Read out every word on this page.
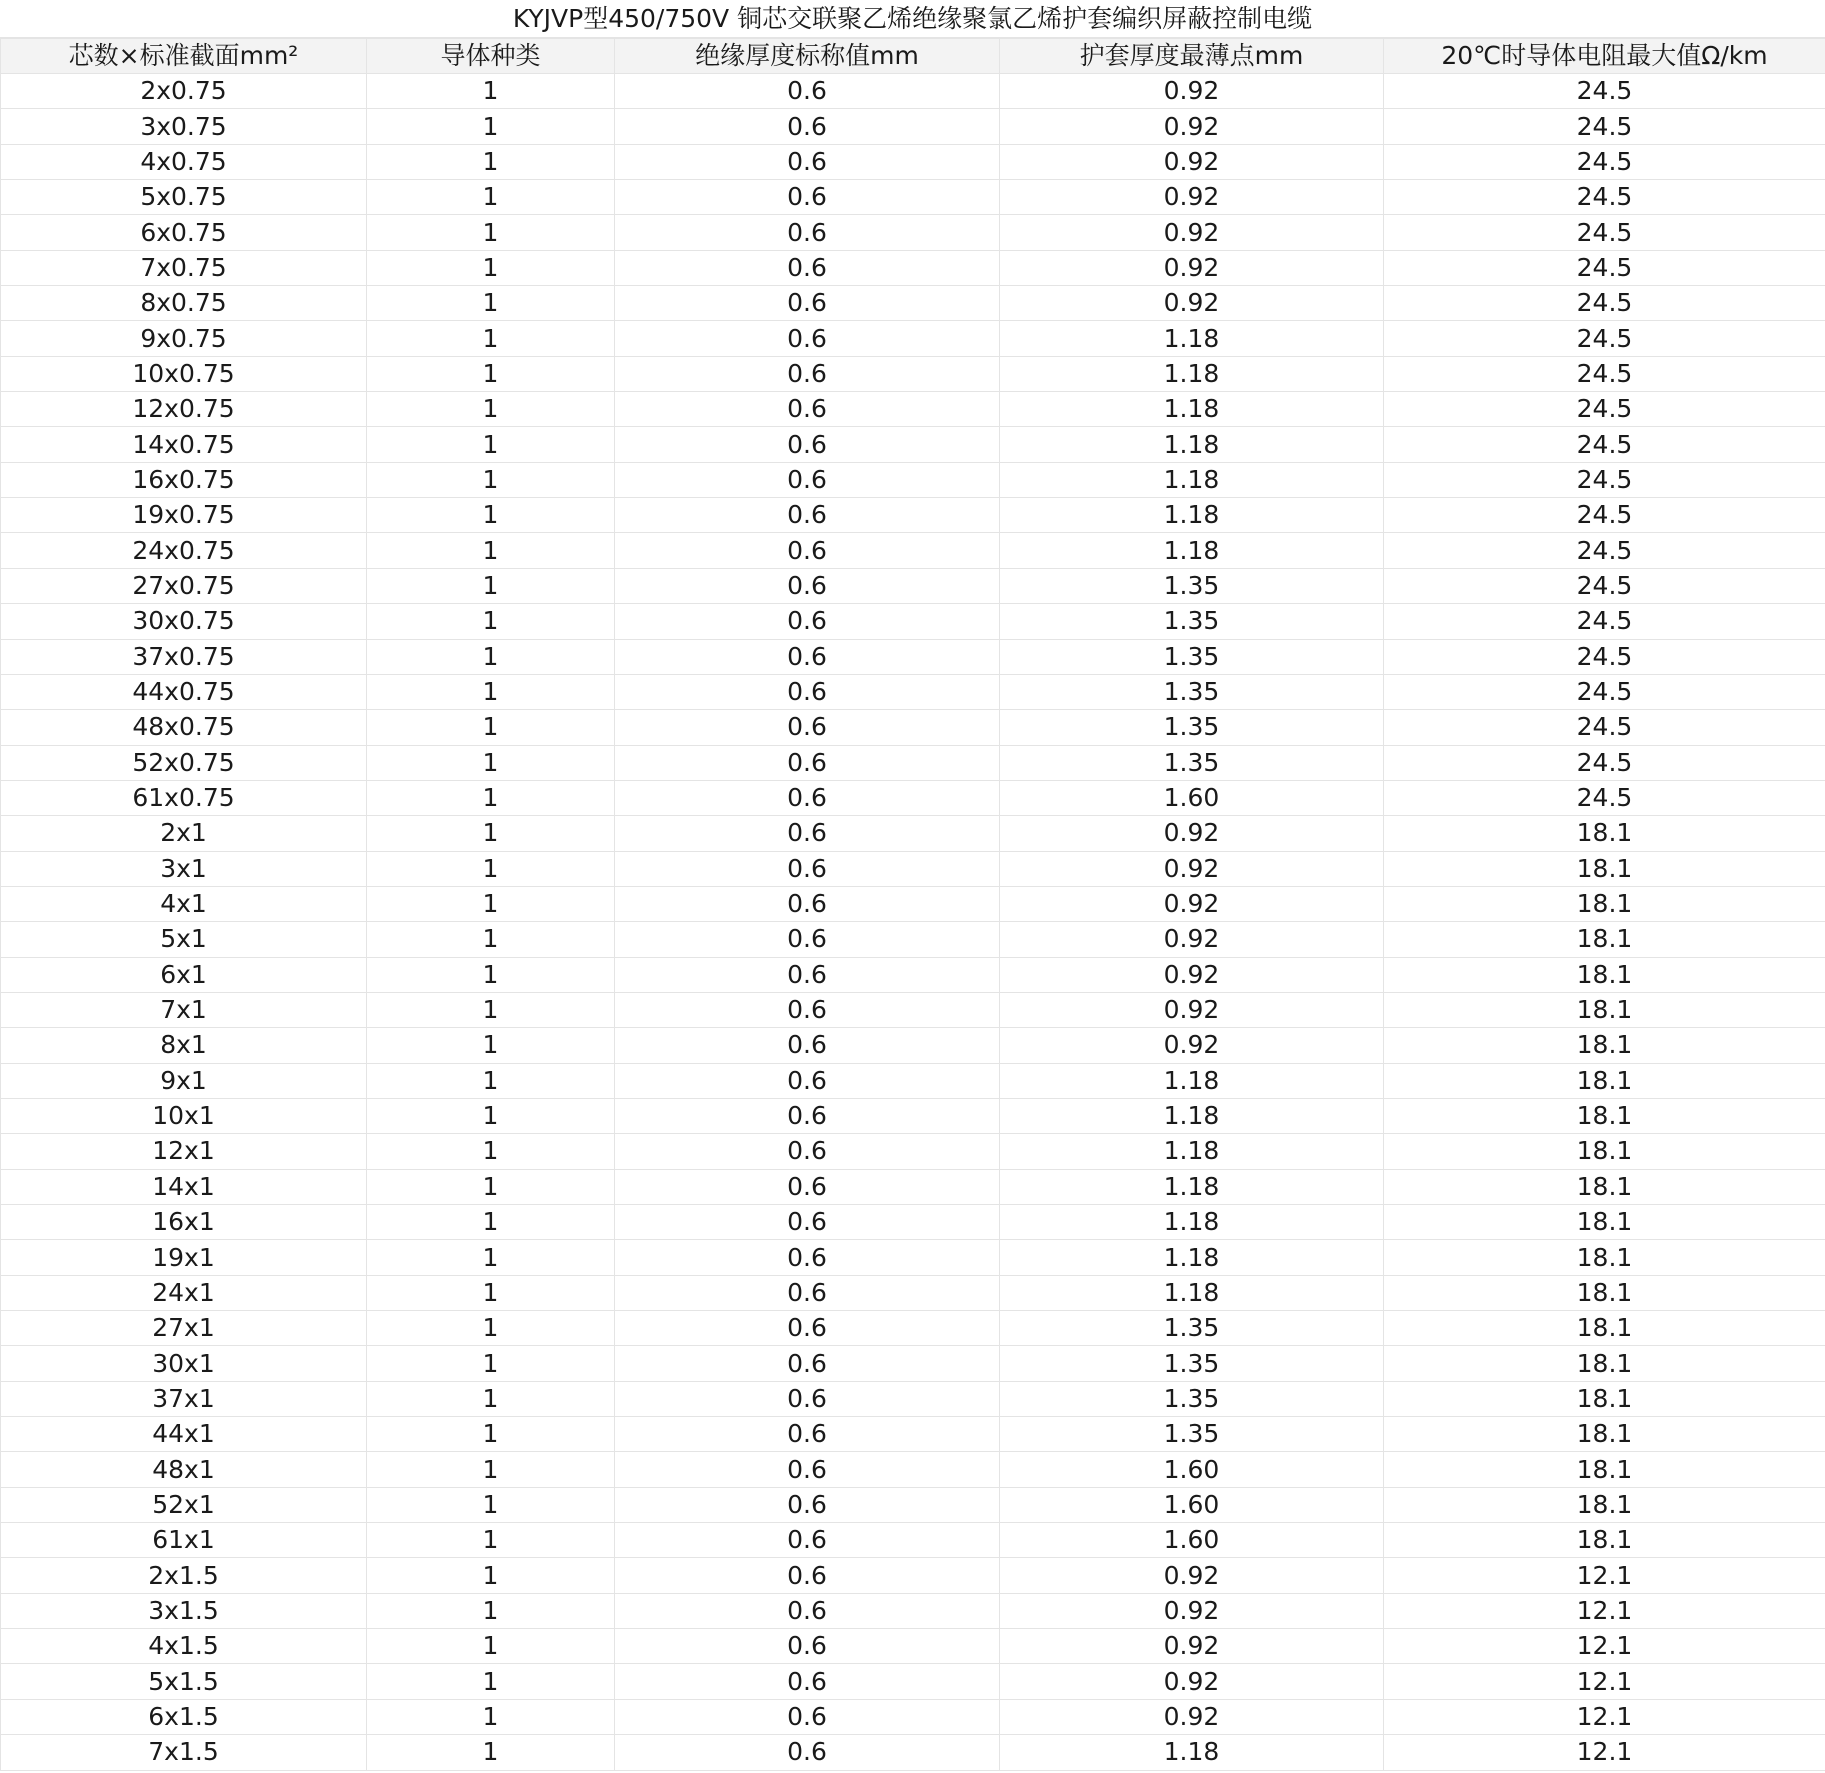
KYJVP型450/750V 铜芯交联聚乙烯绝缘聚氯乙烯护套编织屏蔽控制电缆
芯数×标准截面mm²	导体种类	绝缘厚度标称值mm	护套厚度最薄点mm	20℃时导体电阻最大值Ω/km
2x0.75	1	0.6	0.92	24.5
3x0.75	1	0.6	0.92	24.5
4x0.75	1	0.6	0.92	24.5
5x0.75	1	0.6	0.92	24.5
6x0.75	1	0.6	0.92	24.5
7x0.75	1	0.6	0.92	24.5
8x0.75	1	0.6	0.92	24.5
9x0.75	1	0.6	1.18	24.5
10x0.75	1	0.6	1.18	24.5
12x0.75	1	0.6	1.18	24.5
14x0.75	1	0.6	1.18	24.5
16x0.75	1	0.6	1.18	24.5
19x0.75	1	0.6	1.18	24.5
24x0.75	1	0.6	1.18	24.5
27x0.75	1	0.6	1.35	24.5
30x0.75	1	0.6	1.35	24.5
37x0.75	1	0.6	1.35	24.5
44x0.75	1	0.6	1.35	24.5
48x0.75	1	0.6	1.35	24.5
52x0.75	1	0.6	1.35	24.5
61x0.75	1	0.6	1.60	24.5
2x1	1	0.6	0.92	18.1
3x1	1	0.6	0.92	18.1
4x1	1	0.6	0.92	18.1
5x1	1	0.6	0.92	18.1
6x1	1	0.6	0.92	18.1
7x1	1	0.6	0.92	18.1
8x1	1	0.6	0.92	18.1
9x1	1	0.6	1.18	18.1
10x1	1	0.6	1.18	18.1
12x1	1	0.6	1.18	18.1
14x1	1	0.6	1.18	18.1
16x1	1	0.6	1.18	18.1
19x1	1	0.6	1.18	18.1
24x1	1	0.6	1.18	18.1
27x1	1	0.6	1.35	18.1
30x1	1	0.6	1.35	18.1
37x1	1	0.6	1.35	18.1
44x1	1	0.6	1.35	18.1
48x1	1	0.6	1.60	18.1
52x1	1	0.6	1.60	18.1
61x1	1	0.6	1.60	18.1
2x1.5	1	0.6	0.92	12.1
3x1.5	1	0.6	0.92	12.1
4x1.5	1	0.6	0.92	12.1
5x1.5	1	0.6	0.92	12.1
6x1.5	1	0.6	0.92	12.1
7x1.5	1	0.6	1.18	12.1
